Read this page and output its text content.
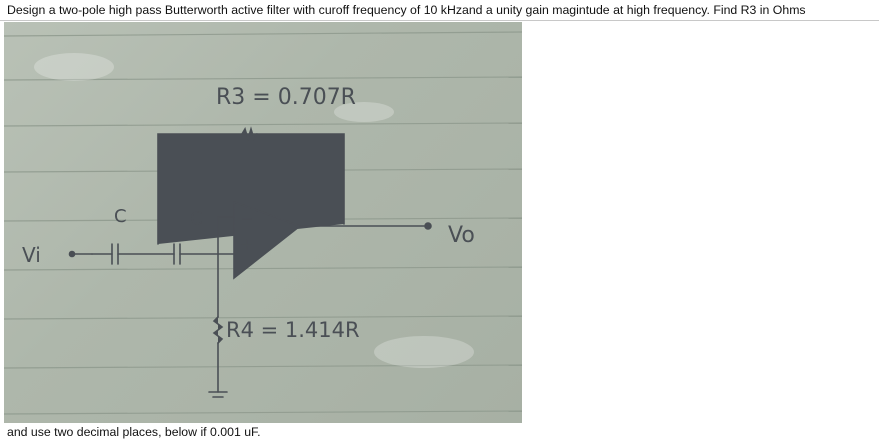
Design a two-pole high pass Butterworth active filter with curoff frequency of 10 kHzand a unity gain magintude at high frequency. Find R3 in Ohms

R3 = 0.707R
C	C −
+
Vi
Vo
R4 = 1.414R

and use two decimal places, below if 0.001 uF.
